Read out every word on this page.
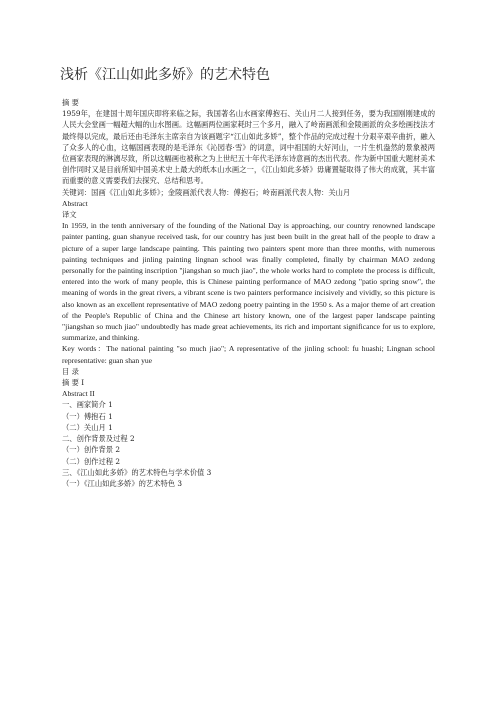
浅析《江山如此多娇》的艺术特色

摘 要

1959年，在建国十周年国庆即将来临之际，我国著名山水画家傅抱石、关山月二人接到任务，要为我国刚刚建成的人民大会堂画一幅超大幅的山水图画。这幅画两位画家耗时三个多月，融入了岭南画派和金陵画派的众多绘画技法才最终得以完成，最后还由毛泽东主席亲自为该画题字“江山如此多娇”，整个作品的完成过程十分艰辛艰辛曲折，融入了众多人的心血，这幅国画表现的是毛泽东《沁园春·雪》的词意，词中祖国的大好河山，一片生机盎然的景象被两位画家表现的淋漓尽致，所以这幅画也被称之为上世纪五十年代毛泽东诗意画的杰出代表。作为新中国重大题材美术创作同时又是目前所知中国美术史上最大的纸本山水画之一，《江山如此多娇》毋庸置疑取得了伟大的成就，其丰富而重要的意义需要我们去探究、总结和思考。

关键词：国画《江山如此多娇》；金陵画派代表人物：傅抱石；岭南画派代表人物：关山月

Abstract

译文

In 1959, in the tenth anniversary of the founding of the National Day is approaching, our country renowned landscape painter panting, guan shanyue received task, for our country has just been built in the great hall of the people to draw a picture of a super large landscape painting. This painting two painters spent more than three months, with numerous painting techniques and jinling painting lingnan school was finally completed, finally by chairman MAO zedong personally for the painting inscription "jiangshan so much jiao", the whole works hard to complete the process is difficult, entered into the work of many people, this is Chinese painting performance of MAO zedong "patio spring snow", the meaning of words in the great rivers, a vibrant scene is two painters performance incisively and vividly, so this picture is also known as an excellent representative of MAO zedong poetry painting in the 1950 s. As a major theme of art creation of the People's Republic of China and the Chinese art history known, one of the largest paper landscape painting "jiangshan so much jiao" undoubtedly has made great achievements, its rich and important significance for us to explore, summarize, and thinking.

Key words：The national painting "so much jiao"; A representative of the jinling school: fu huashi; Lingnan school representative: guan shan yue

目 录

摘 要 I

Abstract II

一、画家简介 1

（一）傅抱石 1

（二）关山月 1

二、创作背景及过程 2

（一）创作背景 2

（二）创作过程 2

三、《江山如此多娇》的艺术特色与学术价值 3

（一）《江山如此多娇》的艺术特色 3
